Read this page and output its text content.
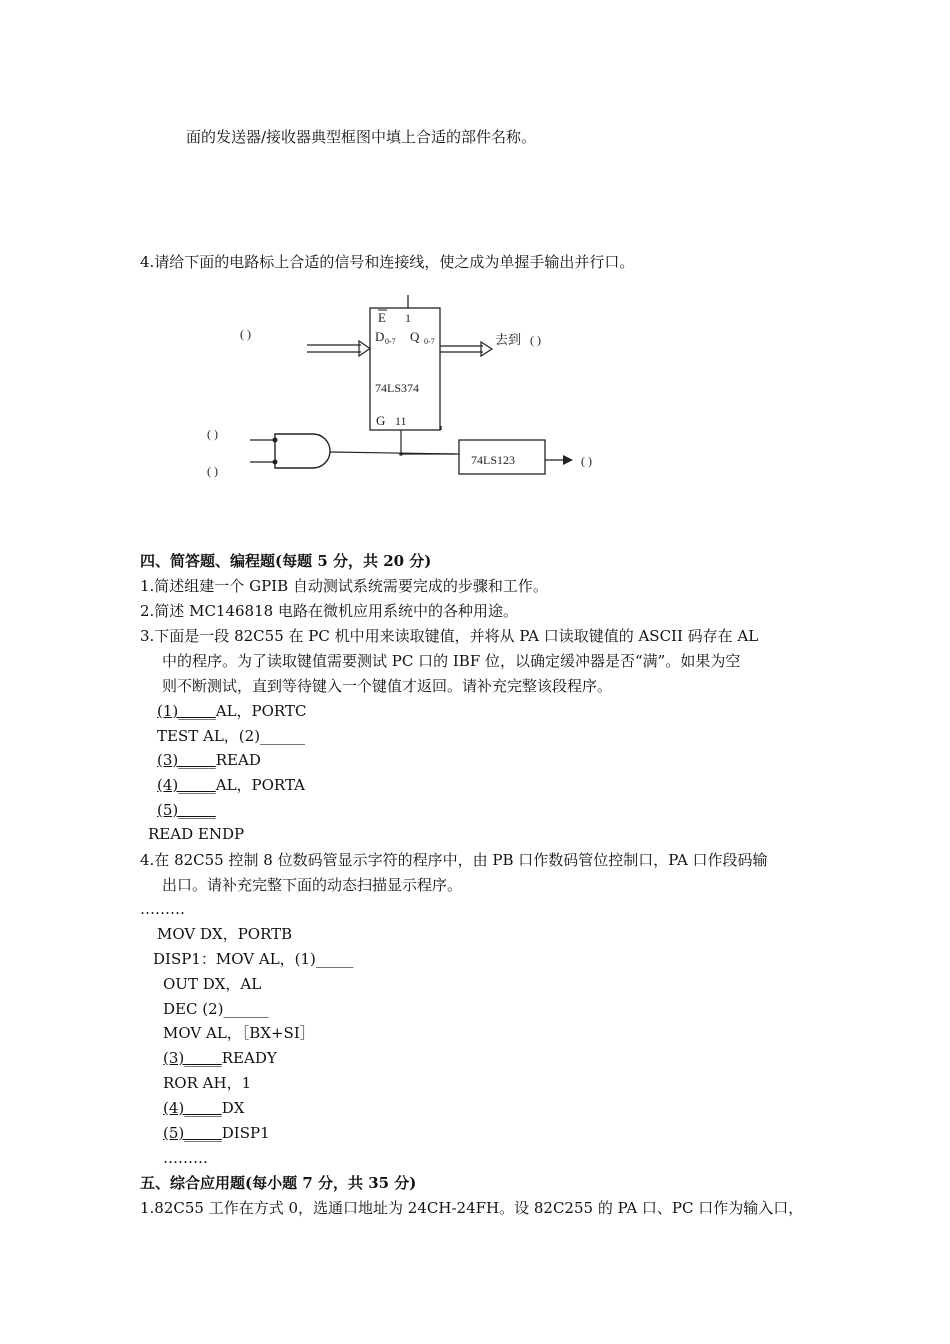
面的发送器/接收器典型框图中填上合适的部件名称。
4.请给下面的电路标上合适的信号和连接线，使之成为单握手输出并行口。
E 1
D 0-7 Q 0-7
74LS374
G 11
( )	去到 ( )
( )
( )
74LS123	( )
四、简答题、编程题(每题 5 分，共 20 分)
1.简述组建一个 GPIB 自动测试系统需要完成的步骤和工作。
2.简述 MC146818 电路在微机应用系统中的各种用途。
3.下面是一段 82C55 在 PC 机中用来读取键值，并将从 PA 口读取键值的 ASCII 码存在 AL
中的程序。为了读取键值需要测试 PC 口的 IBF 位，以确定缓冲器是否“满”。如果为空
则不断测试，直到等待键入一个键值才返回。请补充完整该段程序。
(1)_____AL，PORTC
TEST AL，(2)______
(3)_____READ
(4)_____AL，PORTA
(5)_____
READ ENDP
4.在 82C55 控制 8 位数码管显示字符的程序中，由 PB 口作数码管位控制口，PA 口作段码输
出口。请补充完整下面的动态扫描显示程序。
………
MOV DX，PORTB
DISP1：MOV AL，(1)_____
OUT DX，AL
DEC (2)______
MOV AL，［BX+SI］
(3)_____READY
ROR AH，1
(4)_____DX
(5)_____DISP1
………
五、综合应用题(每小题 7 分，共 35 分)
1.82C55 工作在方式 0，选通口地址为 24CH-24FH。设 82C255 的 PA 口、PC 口作为输入口，
